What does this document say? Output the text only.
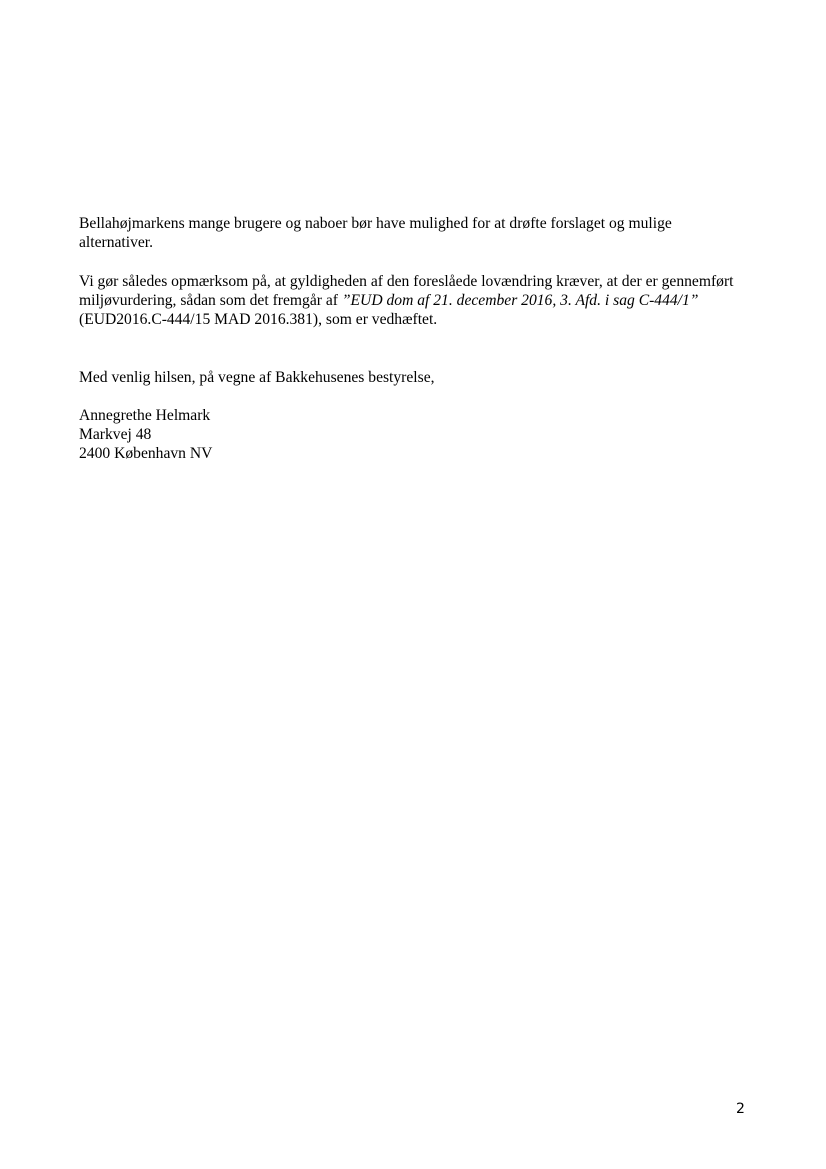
Bellahøjmarkens mange brugere og naboer bør have mulighed for at drøfte forslaget og mulige alternativer.

Vi gør således opmærksom på, at gyldigheden af den foreslåede lovændring kræver, at der er gennemført miljøvurdering, sådan som det fremgår af ”EUD dom af 21. december 2016, 3. Afd. i sag C-444/1” (EUD2016.C-444/15 MAD 2016.381), som er vedhæftet.

Med venlig hilsen, på vegne af Bakkehusenes bestyrelse,

Annegrethe Helmark

Markvej 48

2400 København NV

2
